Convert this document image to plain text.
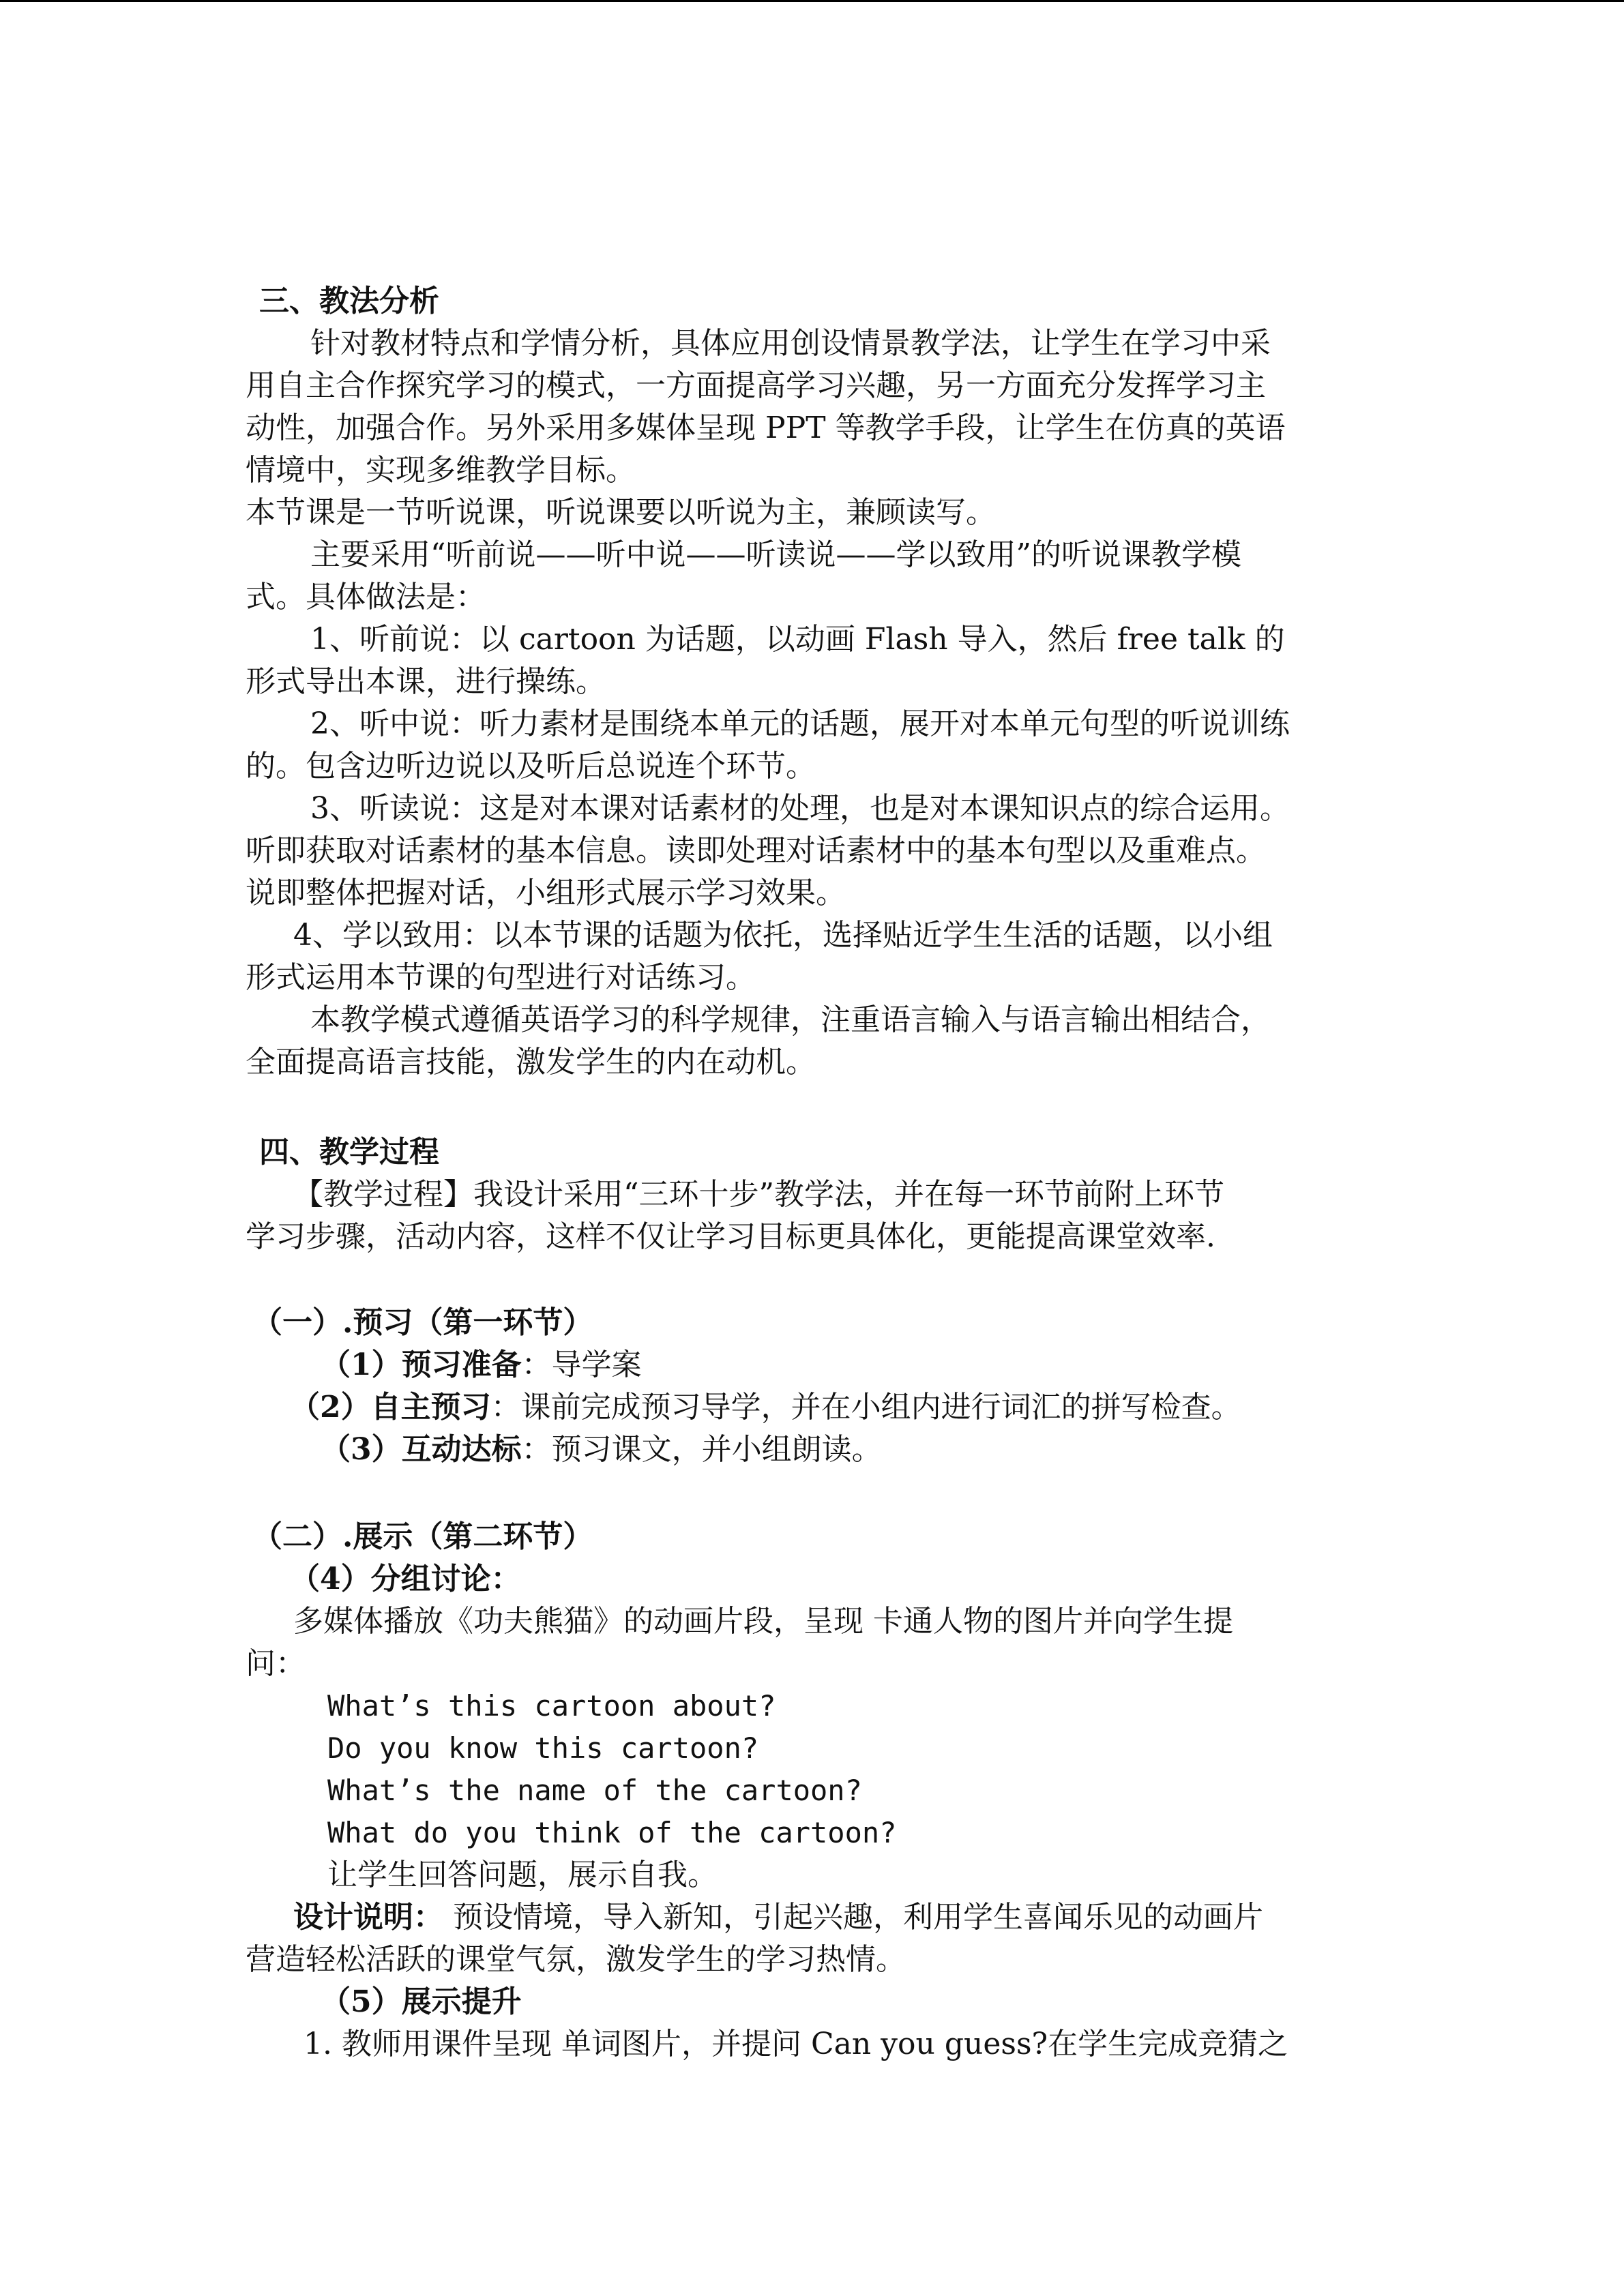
三、教法分析
针对教材特点和学情分析，具体应用创设情景教学法，让学生在学习中采
用自主合作探究学习的模式，一方面提高学习兴趣，另一方面充分发挥学习主
动性，加强合作。另外采用多媒体呈现 PPT 等教学手段，让学生在仿真的英语
情境中，实现多维教学目标。
本节课是一节听说课，听说课要以听说为主，兼顾读写。
主要采用“听前说——听中说——听读说——学以致用”的听说课教学模
式。具体做法是：
1、听前说：以 cartoon 为话题，以动画 Flash 导入，然后 free talk 的
形式导出本课，进行操练。
2、听中说：听力素材是围绕本单元的话题，展开对本单元句型的听说训练
的。包含边听边说以及听后总说连个环节。
3、听读说：这是对本课对话素材的处理，也是对本课知识点的综合运用。
听即获取对话素材的基本信息。读即处理对话素材中的基本句型以及重难点。
说即整体把握对话，小组形式展示学习效果。
4、学以致用：以本节课的话题为依托，选择贴近学生生活的话题，以小组
形式运用本节课的句型进行对话练习。
本教学模式遵循英语学习的科学规律，注重语言输入与语言输出相结合，
全面提高语言技能，激发学生的内在动机。
四、教学过程
【教学过程】我设计采用“三环十步”教学法，并在每一环节前附上环节
学习步骤，活动内容，这样不仅让学习目标更具体化，更能提高课堂效率.
（一）.预习（第一环节）
（1）预习准备：导学案
（2）自主预习：课前完成预习导学，并在小组内进行词汇的拼写检查。
（3）互动达标：预习课文，并小组朗读。
（二）.展示（第二环节）
（4）分组讨论：
多媒体播放《功夫熊猫》的动画片段，呈现 卡通人物的图片并向学生提
问：
What’s this cartoon about?
Do you know this cartoon?
What’s the name of the cartoon?
What do you think of the cartoon?
让学生回答问题，展示自我。
设计说明： 预设情境，导入新知，引起兴趣，利用学生喜闻乐见的动画片
营造轻松活跃的课堂气氛，激发学生的学习热情。
（5）展示提升
1. 教师用课件呈现 单词图片，并提问 Can you guess?在学生完成竞猜之
